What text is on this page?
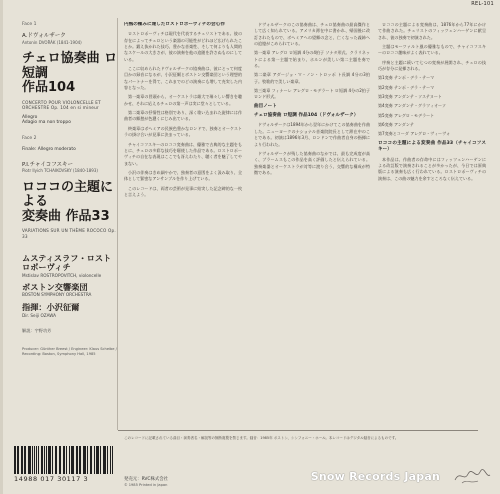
REL-101
Face 1
A.ドヴォルザーク
Antonín DVOŘÁK (1841-1904)
チェロ協奏曲 ロ短調
作品104
CONCERTO POUR VIOLONCELLE ET ORCHESTRE Op. 104 en si mineur
Allegro
Adagio ma non troppo
Face 2
Finale: Allegro moderato
P.I.チャイコフスキー
Piotr Ilyich TCHAIKOVSKY (1840-1893)
ロココの主題による
変奏曲 作品33
VARIATIONS SUR UN THÈME ROCOCO Op. 33
ムスティスラフ・ロストロポーヴィチ
Mstislav ROSTROPOVITCH, violoncelle
ボストン交響楽団
BOSTON SYMPHONY ORCHESTRA
指揮：小沢征爾
Dir. Seiji OZAWA
解説：宇野功芳
Producer: Günther Breest / Engineer: Klaus Scheibe / Recording: Boston, Symphony Hall, 1985

円熟の極みに達したロストロポーヴィチの会心作

ロストロポーヴィチは現代を代表するチェリストである。彼の存在によってチェロという楽器の可能性がどれほど広げられたことか。鍛え抜かれた技巧、豊かな音楽性、そして何よりも人間的なスケールの大きさが、彼の演奏を他の追随を許さぬものにしている。

ここに収められたドヴォルザークの協奏曲は、彼にとって何度目かの録音になるが、小沢征爾とボストン交響楽団という理想的なパートナーを得て、これまでのどの演奏にも増して充実した内容となった。

第一楽章の冒頭から、オーケストラは雄大で瑞々しい響きを聴かせ、それに応えるチェロの第一声は実に堂々としている。

第二楽章の抒情性は格別であり、深く歌い込まれた旋律には作曲者の郷愁が色濃くにじみ出ている。

終楽章はボヘミアの民族色豊かなロンドで、独奏とオーケストラの掛け合いが見事に決まっている。

チャイコフスキーのロココ変奏曲は、優雅で古典的な主題をもとに、チェロの多彩な技巧を駆使した作品である。ロストロポーヴィチの自在な表現はここでも冴えわたり、聴く者を魅了してやまない。

小沢の伴奏はきめ細やかで、独奏者の意図をよく汲み取り、全体として緊密なアンサンブルを作り上げている。

このレコードは、両者の芸術が見事に結実した記念碑的な一枚と言えよう。

ドヴォルザークのこの協奏曲は、チェロ協奏曲の最高傑作として広く知られている。アメリカ滞在中に書かれ、帰国後に改訂されたもので、ボヘミアへの望郷の念と、亡くなった義姉への追憶がこめられている。

第一楽章 アレグロ ロ短調 4分の4拍子 ソナタ形式。クラリネットによる第一主題で始まり、ホルンが美しい第二主題を奏でる。

第二楽章 アダージョ・マ・ノン・トロッポ ト長調 4分の3拍子。牧歌的で美しい楽章。

第三楽章 フィナーレ アレグロ・モデラート ロ短調 4分の2拍子 ロンド形式。

曲目ノート

チェロ協奏曲 ロ短調 作品104（ドヴォルザーク）

ドヴォルザークは1894年から翌年にかけてこの協奏曲を作曲した。ニューヨークのナショナル音楽院院長として滞在中のことである。初演は1896年3月、ロンドンで作曲者自身の指揮により行われた。

ドヴォルザークが残した協奏曲のなかでは、最も完成度が高く、ブラームスもこの作品を高く評価したと伝えられている。独奏楽器とオーケストラが対等に渡り合う、交響的な構成が特徴である。

ロココの主題による変奏曲は、1876年から77年にかけて作曲された。チェリストのフィッツェンハーゲンに献呈され、彼の独奏で初演された。

主題はモーツァルト風の優雅なもので、チャイコフスキーのロココ趣味がよく表れている。

序奏と主題に続いて七つの変奏が展開され、チェロの技巧が存分に発揮される。

第1変奏 テンポ・デラ・テーマ

第2変奏 テンポ・デラ・テーマ

第3変奏 アンダンテ・ソステヌート

第4変奏 アンダンテ・グラツィオーソ

第5変奏 アレグロ・モデラート

第6変奏 アンダンテ

第7変奏とコーダ アレグロ・ヴィーヴォ

ロココの主題による変奏曲 作品33（チャイコフスキー）

本作品は、作曲者の存命中にはフィッツェンハーゲンによる改訂版で演奏されることが多かったが、今日では原典版による演奏も広く行われている。ロストロポーヴィチの演奏は、この曲の魅力を余すところなく伝えている。

このレコードに記載されている曲目・演奏者名・解説等の無断複製を禁じます。録音：1985年 ボストン、シンフォニー・ホール。本レコードはデジタル録音によるものです。
14988 017 30117 3	発売元：RVC株式会社
© 1985 Printed in Japan
Snow Records Japan
